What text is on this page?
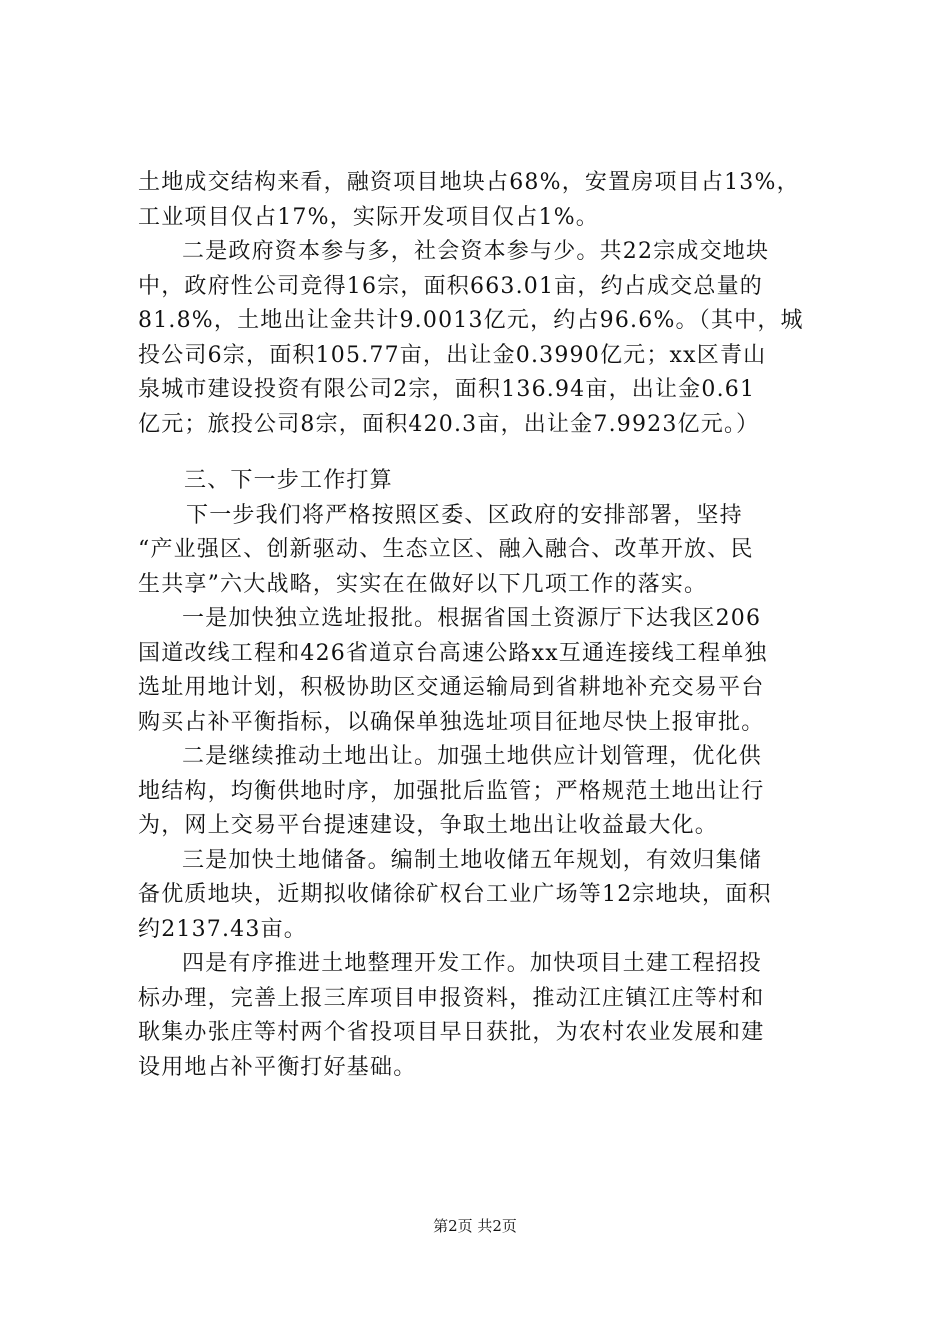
土地成交结构来看，融资项目地块占68%，安置房项目占13%，
工业项目仅占17%，实际开发项目仅占1%。
二是政府资本参与多，社会资本参与少。共22宗成交地块
中，政府性公司竞得16宗，面积663.01亩，约占成交总量的
81.8%，土地出让金共计9.0013亿元，约占96.6%。（其中，城
投公司6宗，面积105.77亩，出让金0.3990亿元；xx区青山
泉城市建设投资有限公司2宗，面积136.94亩，出让金0.61
亿元；旅投公司8宗，面积420.3亩，出让金7.9923亿元。）
三、下一步工作打算
下一步我们将严格按照区委、区政府的安排部署，坚持
“产业强区、创新驱动、生态立区、融入融合、改革开放、民
生共享”六大战略，实实在在做好以下几项工作的落实。
一是加快独立选址报批。根据省国土资源厅下达我区206
国道改线工程和426省道京台高速公路xx互通连接线工程单独
选址用地计划，积极协助区交通运输局到省耕地补充交易平台
购买占补平衡指标，以确保单独选址项目征地尽快上报审批。
二是继续推动土地出让。加强土地供应计划管理，优化供
地结构，均衡供地时序，加强批后监管；严格规范土地出让行
为，网上交易平台提速建设，争取土地出让收益最大化。
三是加快土地储备。编制土地收储五年规划，有效归集储
备优质地块，近期拟收储徐矿权台工业广场等12宗地块，面积
约2137.43亩。
四是有序推进土地整理开发工作。加快项目土建工程招投
标办理，完善上报三库项目申报资料，推动江庄镇江庄等村和
耿集办张庄等村两个省投项目早日获批，为农村农业发展和建
设用地占补平衡打好基础。
第2页 共2页
